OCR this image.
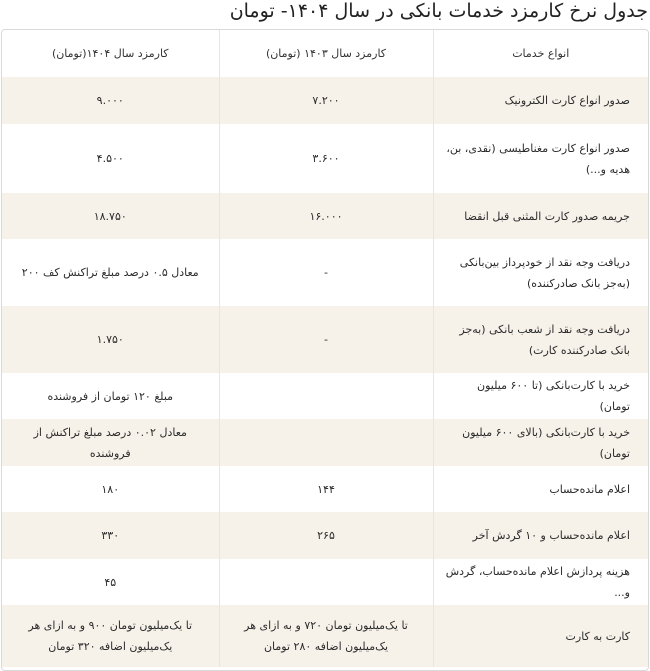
جدول نرخ کارمزد خدمات بانکی در سال ۱۴۰۴- تومان
انواع خدمات	کارمزد سال ۱۴۰۳ (تومان)	کارمزد سال ۱۴۰۴(تومان)
صدور انواع کارت الکترونیک	۷.۲۰۰	۹.۰۰۰
صدور انواع کارت مغناطیسی (نقدی، بن، هدیه و...)	۳.۶۰۰	۴.۵۰۰
جریمه صدور کارت المثنی قبل انقضا	۱۶.۰۰۰	۱۸.۷۵۰
دریافت وجه نقد از خودپرداز بین‌بانکی (به‌جز بانک صادرکننده)	-	معادل ۰.۵ درصد مبلغ تراکنش کف ۲۰۰
دریافت وجه نقد از شعب بانکی (به‌جز بانک صادرکننده کارت)	-	۱.۷۵۰
خرید با کارت‌بانکی (تا ۶۰۰ میلیون تومان)		مبلغ ۱۲۰ تومان از فروشنده
خرید با کارت‌بانکی (بالای ۶۰۰ میلیون تومان)		معادل ۰.۰۲ درصد مبلغ تراکنش از فروشنده
اعلام مانده‌حساب	۱۴۴	۱۸۰
اعلام مانده‌حساب و ۱۰ گردش آخر	۲۶۵	۳۳۰
هزینه پردازش اعلام مانده‌حساب، گردش و...		۴۵
کارت به کارت	تا یک‌میلیون تومان ۷۲۰ و به ازای هر یک‌میلیون اضافه ۲۸۰ تومان	تا یک‌میلیون تومان ۹۰۰ و به ازای هر یک‌میلیون اضافه ۳۲۰ تومان
